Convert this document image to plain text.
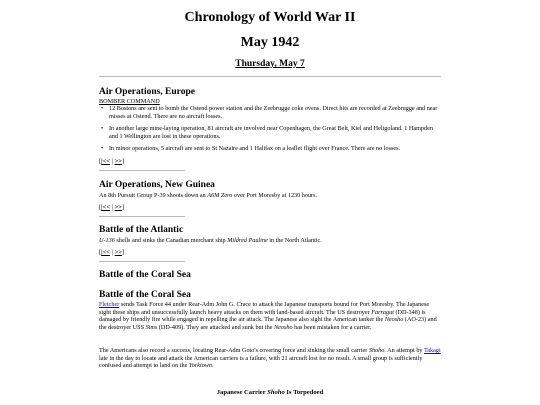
Chronology of World War II
May 1942
Thursday, May 7
Air Operations, Europe
BOMBER COMMAND
• 12 Bostons are sent to bomb the Ostend power station and the Zeebrugge coke ovens. Direct hits are recorded at Zeebrugge and near misses at Ostend. There are no aircraft losses.
• In another large mine-laying operation, 81 aircraft are involved near Copenhagen, the Great Belt, Kiel and Heligoland. 1 Hampden and 1 Wellington are lost in these operations.
• In minor operations, 5 aircraft are sent to St Nazaire and 1 Halifax on a leaflet flight over France. There are no losses.
[|<< | >>]
Air Operations, New Guinea
An 8th Pursuit Group P-39 shoots down an A6M Zero over Port Moresby at 1230 hours.
[|<< | >>]
Battle of the Atlantic
U-136 shells and sinks the Canadian merchant ship Mildred Pauline in the North Atlantic.
[|<< | >>]
Battle of the Coral Sea
Battle of the Coral Sea
Fletcher sends Task Force 44 under Rear-Adm John G. Crace to attack the Japanese transports bound for Port Moresby. The Japanese sight these ships and unsuccessfully launch heavy attacks on them with land-based aircraft. The US destroyer Farragut (DD-348) is damaged by friendly fire while engaged in repelling the air attack. The Japanese also sight the American tanker the Neosho (AO-23) and the destroyer USS Sims (DD-409). They are attacked and sunk but the Neosho has been mistaken for a carrier.
The Americans also record a success, locating Rear-Adm Goto's covering force and sinking the small carrier Shoho. An attempt by Takagi late in the day to locate and attack the American carriers is a failure, with 21 aircraft lost for no result. A small group is sufficiently confused and attempt to land on the Yorktown.
Japanese Carrier Shoho Is Torpedoed
